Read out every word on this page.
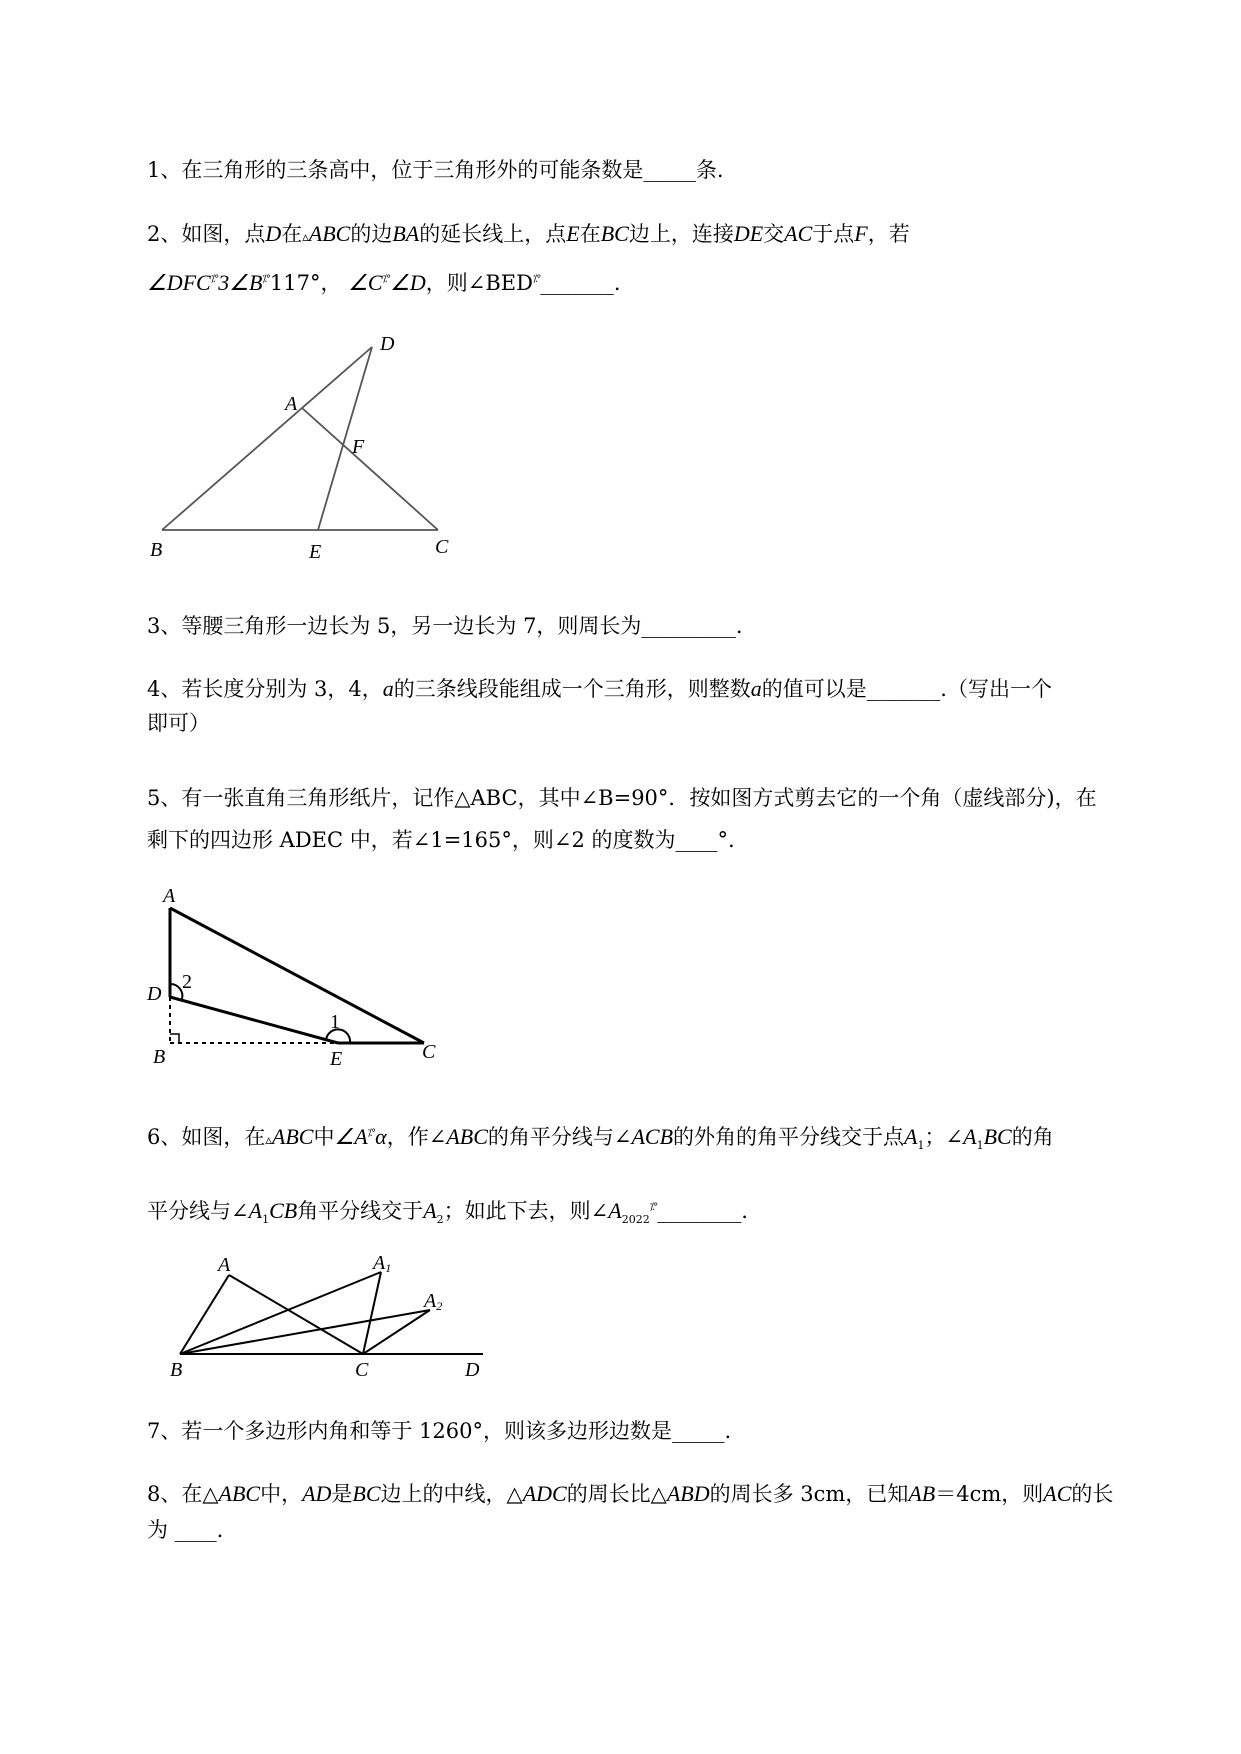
1、在三角形的三条高中，位于三角形外的可能条数是_____条.
2、如图，点D在▵ABC的边BA的延长线上，点E在BC边上，连接DE交AC于点F，若
∠DFC⁒°3∠B⁒°117°， ∠C⁒°∠D，则∠BED⁒°_______.
D
A
F
B	E	C
3、等腰三角形一边长为 5，另一边长为 7，则周长为_________.
4、若长度分别为 3，4，a的三条线段能组成一个三角形，则整数a的值可以是_______.（写出一个
即可）
5、有一张直角三角形纸片，记作△ABC，其中∠B=90°．按如图方式剪去它的一个角（虚线部分)，在
剩下的四边形 ADEC 中，若∠1=165°，则∠2 的度数为____°.
A
D
2
1
B	E	C
6、如图，在▵ABC中∠A⁒°α，作∠ABC的角平分线与∠ACB的外角的角平分线交于点$A_1$；$\angle A_1BC$的角
平分线与$\angle A_1CB$角平分线交于$A_2$；如此下去，则$\angle A_{2022}^{⁒^\circ}\_\_\_\_\_\_\_\_$.
A	A1
A2
B	C	D
7、若一个多边形内角和等于 1260°，则该多边形边数是_____.
8、在△ABC中，AD是BC边上的中线，△ADC的周长比△ABD的周长多 3cm，已知AB＝4cm，则AC的长
为 ____.
